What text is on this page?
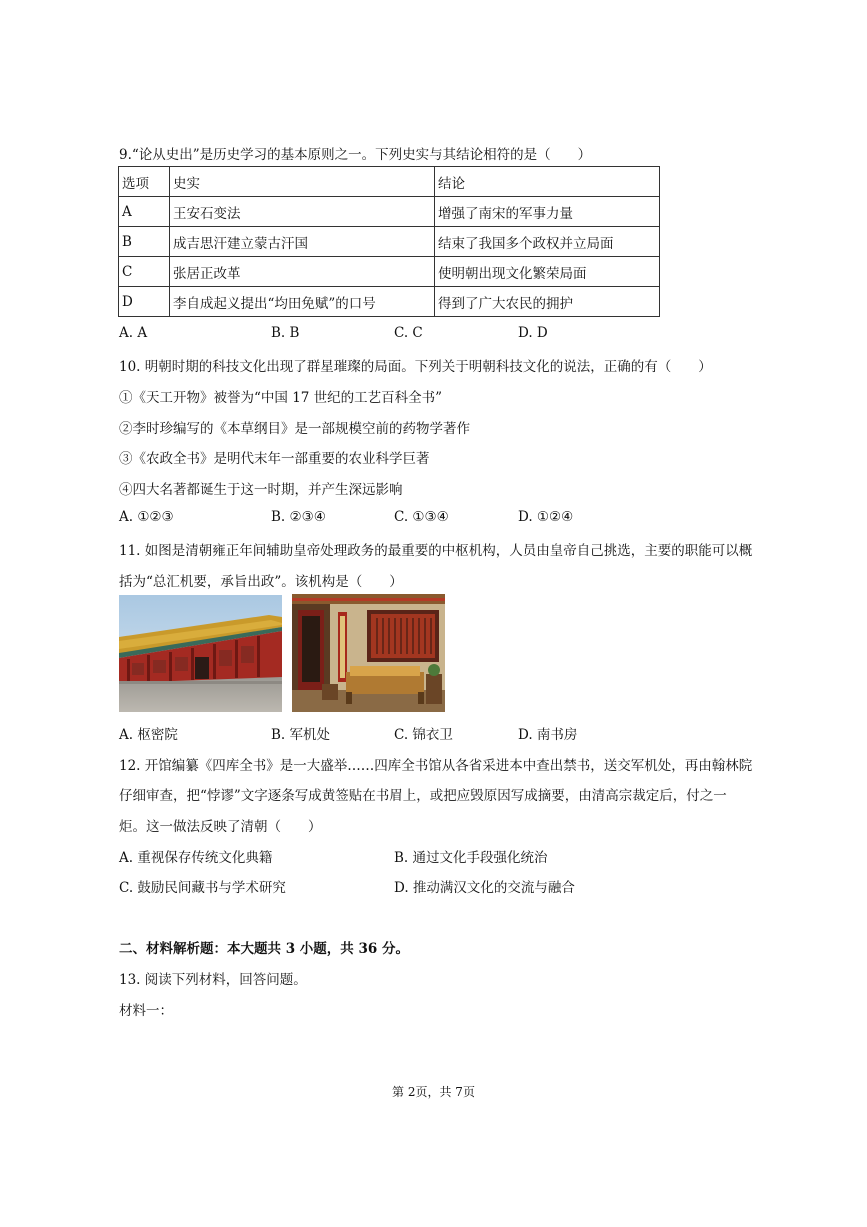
9.“论从史出”是历史学习的基本原则之一。下列史实与其结论相符的是（　　）
选项	史实	结论
A	王安石变法	增强了南宋的军事力量
B	成吉思汗建立蒙古汗国	结束了我国多个政权并立局面
C	张居正改革	使明朝出现文化繁荣局面
D	李自成起义提出“均田免赋”的口号	得到了广大农民的拥护
A. A	B. B	C. C	D. D
10. 明朝时期的科技文化出现了群星璀璨的局面。下列关于明朝科技文化的说法，正确的有（　　）
①《天工开物》被誉为“中国 17 世纪的工艺百科全书”
②李时珍编写的《本草纲目》是一部规模空前的药物学著作
③《农政全书》是明代末年一部重要的农业科学巨著
④四大名著都诞生于这一时期，并产生深远影响
A. ①②③	B. ②③④	C. ①③④	D. ①②④
11. 如图是清朝雍正年间辅助皇帝处理政务的最重要的中枢机构，人员由皇帝自己挑选，主要的职能可以概
括为“总汇机要，承旨出政”。该机构是（　　）
A. 枢密院	B. 军机处	C. 锦衣卫	D. 南书房
12. 开馆编纂《四库全书》是一大盛举……四库全书馆从各省采进本中查出禁书，送交军机处，再由翰林院
仔细审查，把“悖谬”文字逐条写成黄签贴在书眉上，或把应毁原因写成摘要，由清高宗裁定后，付之一
炬。这一做法反映了清朝（　　）
A. 重视保存传统文化典籍	B. 通过文化手段强化统治
C. 鼓励民间藏书与学术研究	D. 推动满汉文化的交流与融合
二、材料解析题：本大题共 3 小题，共 36 分。
13. 阅读下列材料，回答问题。
材料一：
第 2页，共 7页
